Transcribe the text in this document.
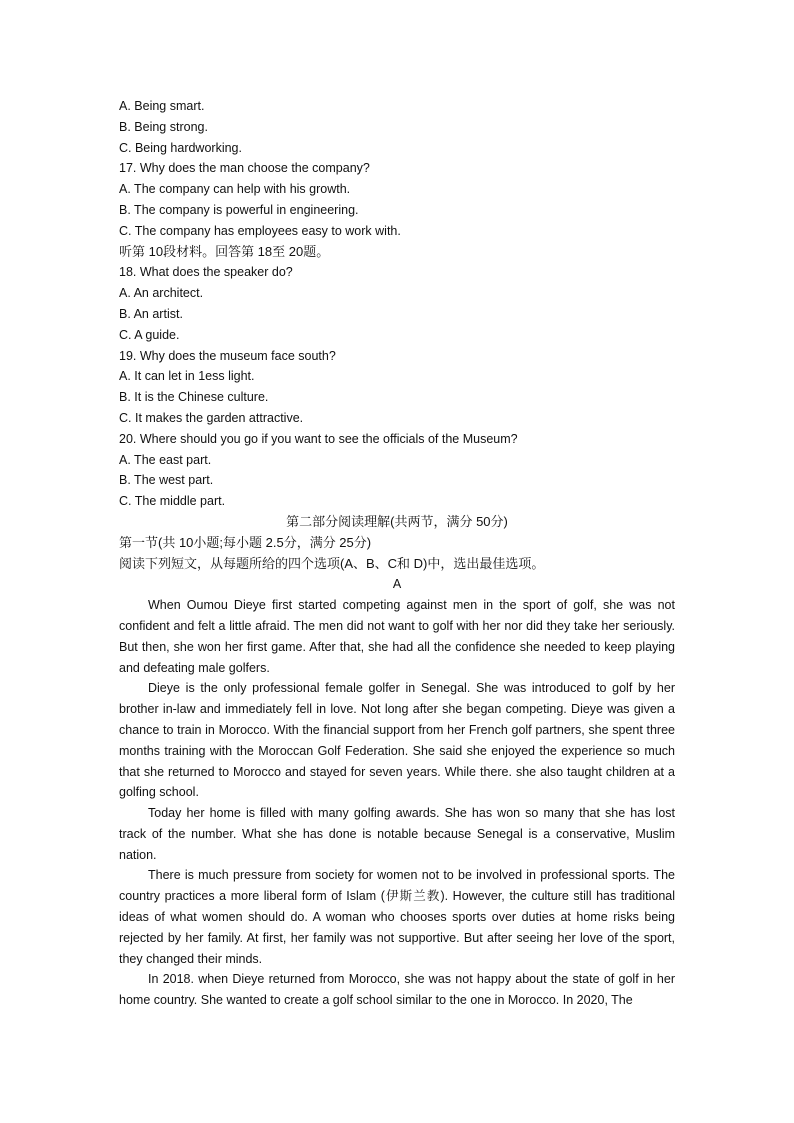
A. Being smart.
B. Being strong.
C. Being hardworking.
17. Why does the man choose the company?
A. The company can help with his growth.
B. The company is powerful in engineering.
C. The company has employees easy to work with.
听第 10段材料。回答第 18至 20题。
18. What does the speaker do?
A. An architect.
B. An artist.
C. A guide.
19. Why does the museum face south?
A. It can let in 1ess light.
B. It is the Chinese culture.
C. It makes the garden attractive.
20. Where should you go if you want to see the officials of the Museum?
A. The east part.
B. The west part.
C. The middle part.
第二部分阅读理解(共两节，满分 50分)
第一节(共 10小题;每小题 2.5分，满分 25分)
阅读下列短文，从每题所给的四个选项(A、B、C和 D)中，选出最佳选项。
A

When Oumou Dieye first started competing against men in the sport of golf, she was not confident and felt a little afraid. The men did not want to golf with her nor did they take her seriously. But then, she won her first game. After that, she had all the confidence she needed to keep playing and defeating male golfers.

Dieye is the only professional female golfer in Senegal. She was introduced to golf by her brother in-law and immediately fell in love. Not long after she began competing. Dieye was given a chance to train in Morocco. With the financial support from her French golf partners, she spent three months training with the Moroccan Golf Federation. She said she enjoyed the experience so much that she returned to Morocco and stayed for seven years. While there. she also taught children at a golfing school.

Today her home is filled with many golfing awards. She has won so many that she has lost track of the number. What she has done is notable because Senegal is a conservative, Muslim nation.

There is much pressure from society for women not to be involved in professional sports. The country practices a more liberal form of Islam (伊斯兰教). However, the culture still has traditional ideas of what women should do. A woman who chooses sports over duties at home risks being rejected by her family. At first, her family was not supportive. But after seeing her love of the sport, they changed their minds.

In 2018. when Dieye returned from Morocco, she was not happy about the state of golf in her home country. She wanted to create a golf school similar to the one in Morocco. In 2020, The
